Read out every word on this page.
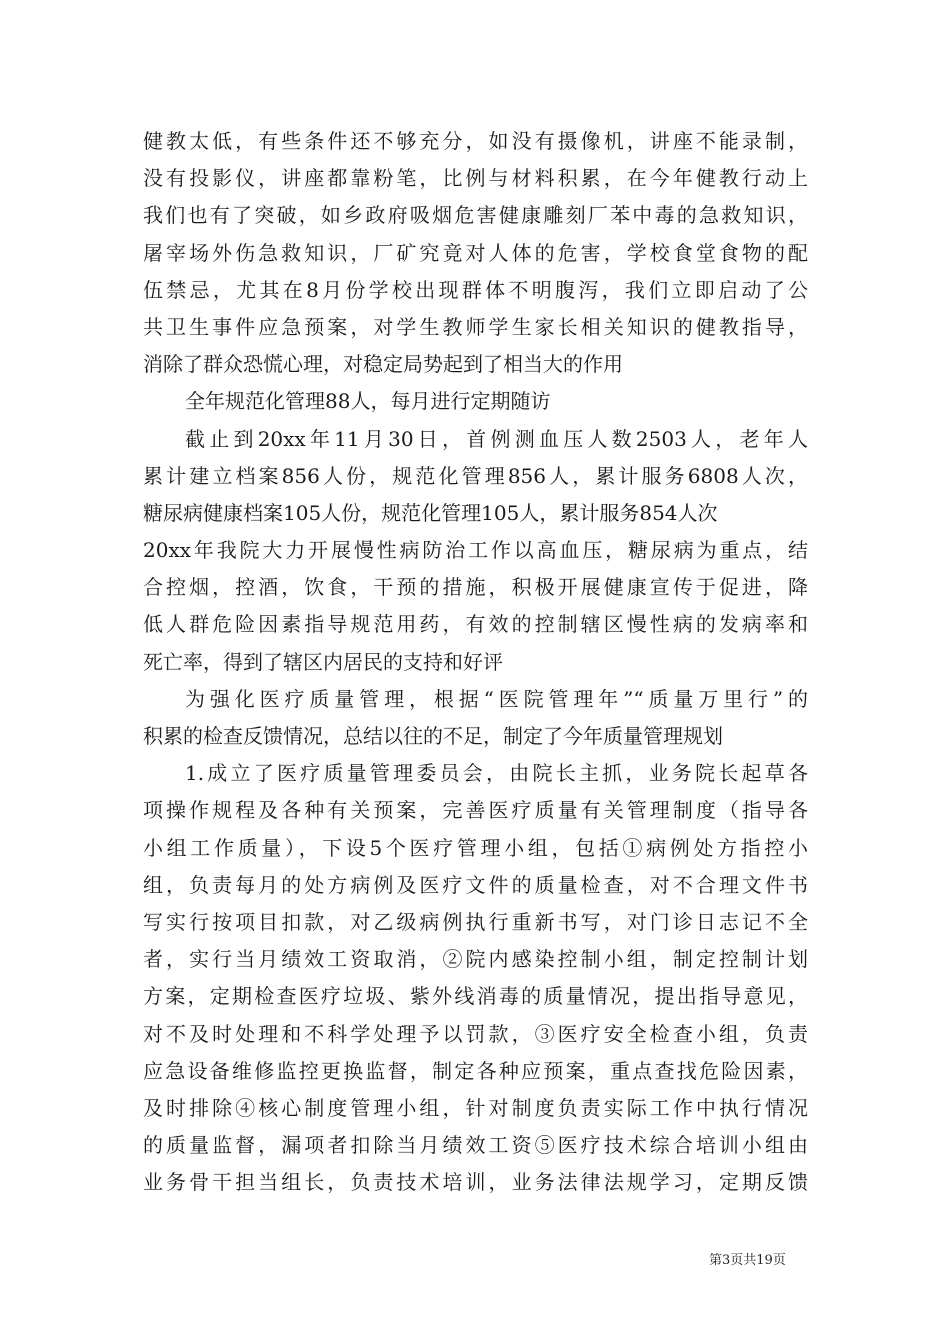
健教太低，有些条件还不够充分，如没有摄像机，讲座不能录制，
没有投影仪，讲座都靠粉笔，比例与材料积累，在今年健教行动上
我们也有了突破，如乡政府吸烟危害健康雕刻厂苯中毒的急救知识，
屠宰场外伤急救知识，厂矿究竟对人体的危害，学校食堂食物的配
伍禁忌，尤其在8月份学校出现群体不明腹泻，我们立即启动了公
共卫生事件应急预案，对学生教师学生家长相关知识的健教指导，
消除了群众恐慌心理，对稳定局势起到了相当大的作用
全年规范化管理88人，每月进行定期随访
截止到20xx年11月30日，首例测血压人数2503人，老年人
累计建立档案856人份，规范化管理856人，累计服务6808人次，
糖尿病健康档案105人份，规范化管理105人，累计服务854人次
20xx年我院大力开展慢性病防治工作以高血压，糖尿病为重点，结
合控烟，控酒，饮食，干预的措施，积极开展健康宣传于促进，降
低人群危险因素指导规范用药，有效的控制辖区慢性病的发病率和
死亡率，得到了辖区内居民的支持和好评
为强化医疗质量管理，根据“医院管理年”“质量万里行”的
积累的检查反馈情况，总结以往的不足，制定了今年质量管理规划
1.成立了医疗质量管理委员会，由院长主抓，业务院长起草各
项操作规程及各种有关预案，完善医疗质量有关管理制度（指导各
小组工作质量），下设5个医疗管理小组，包括①病例处方指控小
组，负责每月的处方病例及医疗文件的质量检查，对不合理文件书
写实行按项目扣款，对乙级病例执行重新书写，对门诊日志记不全
者，实行当月绩效工资取消，②院内感染控制小组，制定控制计划
方案，定期检查医疗垃圾、紫外线消毒的质量情况，提出指导意见，
对不及时处理和不科学处理予以罚款，③医疗安全检查小组，负责
应急设备维修监控更换监督，制定各种应预案，重点查找危险因素，
及时排除④核心制度管理小组，针对制度负责实际工作中执行情况
的质量监督，漏项者扣除当月绩效工资⑤医疗技术综合培训小组由
业务骨干担当组长，负责技术培训，业务法律法规学习，定期反馈
第3页共19页
